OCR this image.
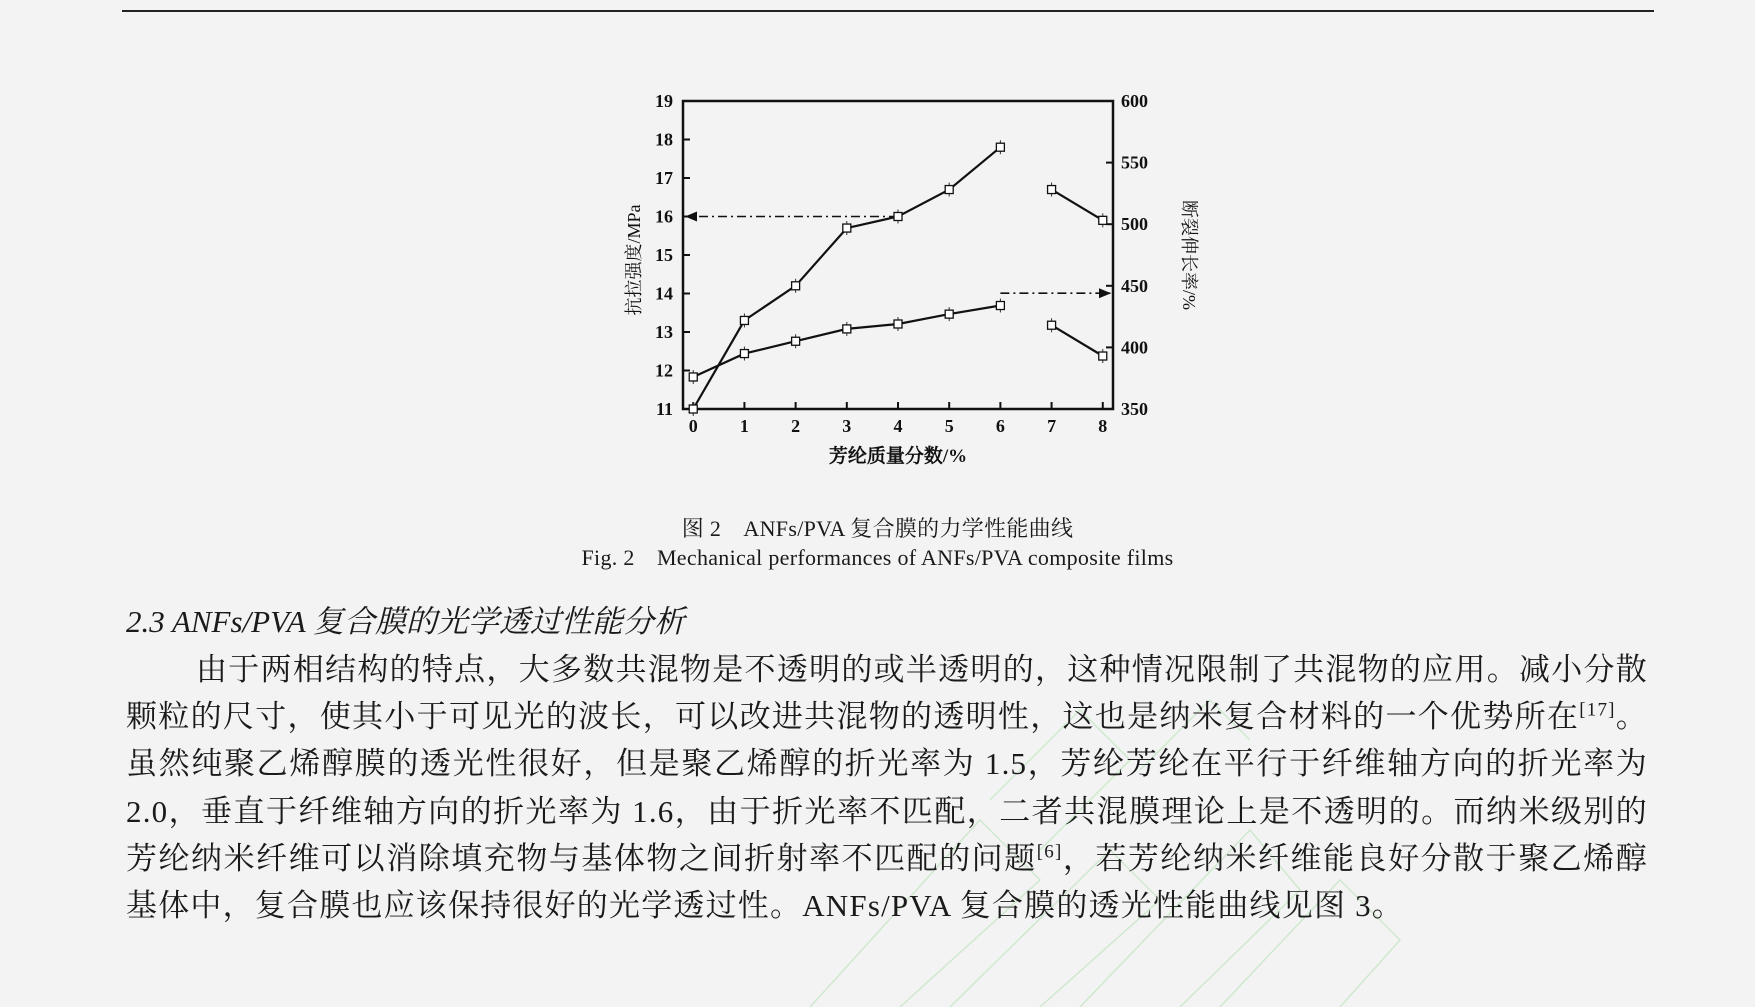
0 1 2 3 4 5 6 7 8
11
12
13
14
15
16
17
18
19
350
400
450
500
550
600
抗拉强度/MPa	断裂伸长率/%
芳纶质量分数/%
图 2　ANFs/PVA 复合膜的力学性能曲线
Fig. 2　Mechanical performances of ANFs/PVA composite films
2.3 ANFs/PVA 复合膜的光学透过性能分析
由于两相结构的特点，大多数共混物是不透明的或半透明的，这种情况限制了共混物的应用。减小分散颗粒的尺寸，使其小于可见光的波长，可以改进共混物的透明性，这也是纳米复合材料的一个优势所在[17]。虽然纯聚乙烯醇膜的透光性很好，但是聚乙烯醇的折光率为 1.5，芳纶芳纶在平行于纤维轴方向的折光率为 2.0，垂直于纤维轴方向的折光率为 1.6，由于折光率不匹配，二者共混膜理论上是不透明的。而纳米级别的芳纶纳米纤维可以消除填充物与基体物之间折射率不匹配的问题[6]，若芳纶纳米纤维能良好分散于聚乙烯醇基体中，复合膜也应该保持很好的光学透过性。ANFs/PVA 复合膜的透光性能曲线见图 3。
